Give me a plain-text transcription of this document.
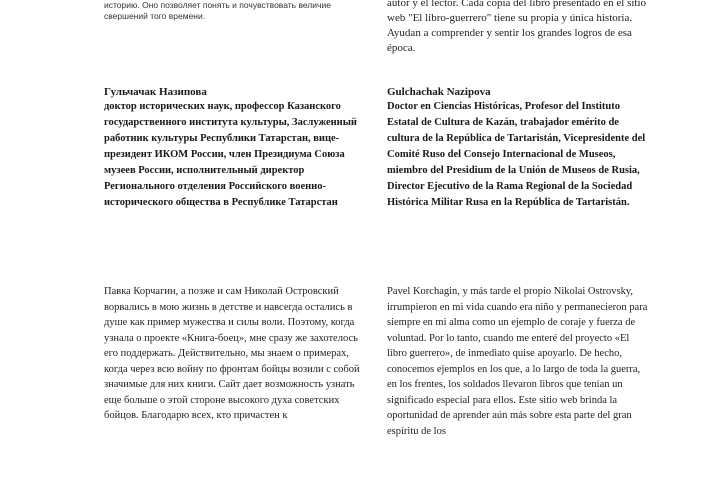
историю. Оно позволяет понять и почувствовать величие свершений того времени.

autor y el lector. Cada copia del libro presentado en el sitio web "El libro-guerrero" tiene su propia y única historia. Ayudan a comprender y sentir los grandes logros de esa época.

Гульчачак Назипова	Gulchachak Nazipova

доктор исторических наук, профессор Казанского государственного института культуры, Заслуженный работник культуры Республики Татарстан, вице-президент ИКОМ России, член Президиума Союза музеев России, исполнительный директор Регионального отделения Российского военно-исторического общества в Республике Татарстан

Doctor en Ciencias Históricas, Profesor del Instituto Estatal de Cultura de Kazán, trabajador emérito de cultura de la República de Tartaristán, Vicepresidente del Comité Ruso del Consejo Internacional de Museos, miembro del Presidium de la Unión de Museos de Rusia, Director Ejecutivo de la Rama Regional de la Sociedad Histórica Militar Rusa en la República de Tartaristán.

Павка Корчагин, а позже и сам Николай Островский ворвались в мою жизнь в детстве и навсегда остались в душе как пример мужества и силы воли. Поэтому, когда узнала о проекте «Книга-боец», мне сразу же захотелось его поддержать. Действительно, мы знаем о примерах, когда через всю войну по фронтам бойцы возили с собой значимые для них книги. Сайт дает возможность узнать еще больше о этой стороне высокого духа советских бойцов. Благодарю всех, кто причастен к

Pavel Korchagin, y más tarde el propio Nikolai Ostrovsky, irrumpieron en mi vida cuando era niño y permanecieron para siempre en mi alma como un ejemplo de coraje y fuerza de voluntad. Por lo tanto, cuando me enteré del proyecto «El libro guerrero», de inmediato quise apoyarlo. De hecho, conocemos ejemplos en los que, a lo largo de toda la guerra, en los frentes, los soldados llevaron libros que tenían un significado especial para ellos. Este sitio web brinda la oportunidad de aprender aún más sobre esta parte del gran espíritu de los
